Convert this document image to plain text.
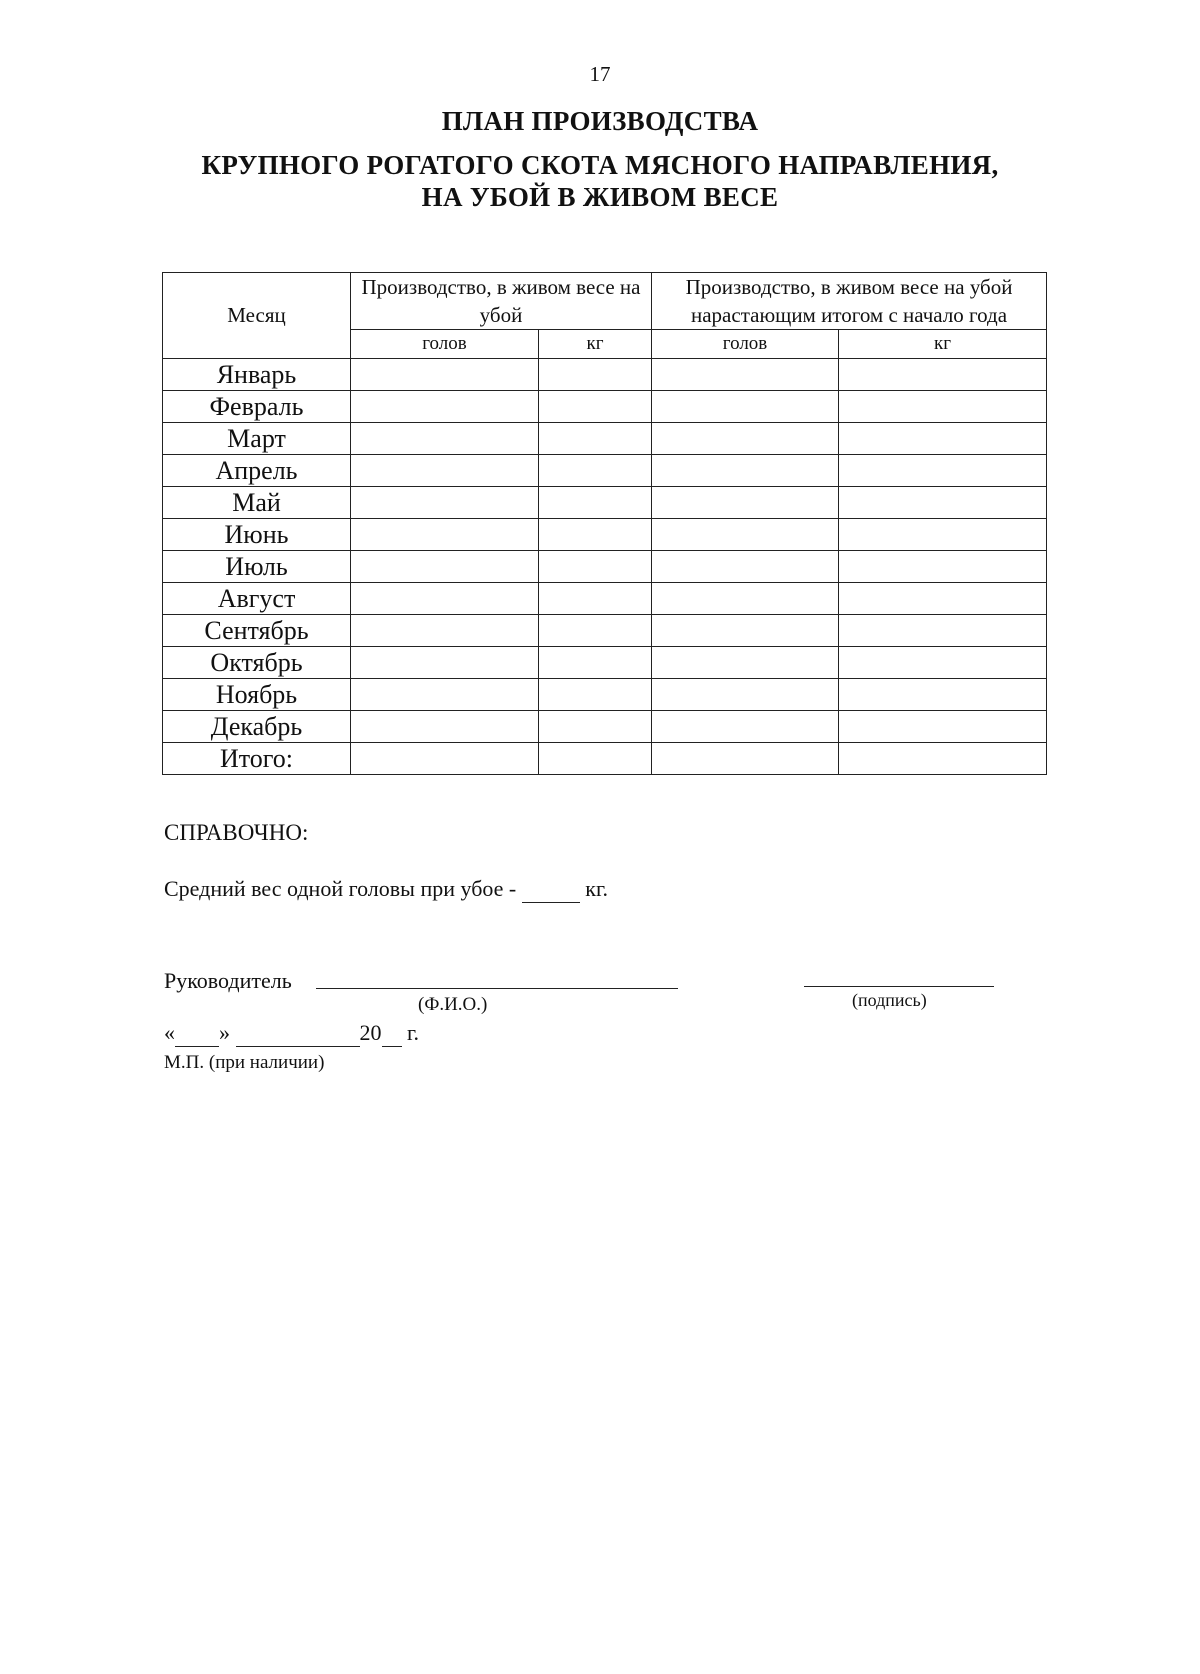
17
ПЛАН ПРОИЗВОДСТВА
КРУПНОГО РОГАТОГО СКОТА МЯСНОГО НАПРАВЛЕНИЯ,
НА УБОЙ В ЖИВОМ ВЕСЕ
Месяц	Производство, в живом весе на убой		Производство, в живом весе на убой нарастающим итогом с начало года	
	голов	кг	голов	кг
Январь				
Февраль				
Март				
Апрель				
Май				
Июнь				
Июль				
Август				
Сентябрь				
Октябрь				
Ноябрь				
Декабрь				
Итого:				
СПРАВОЧНО:
Средний вес одной головы при убое -	кг.
Руководитель
(Ф.И.О.)	(подпись)
« »	20 г.
М.П. (при наличии)
